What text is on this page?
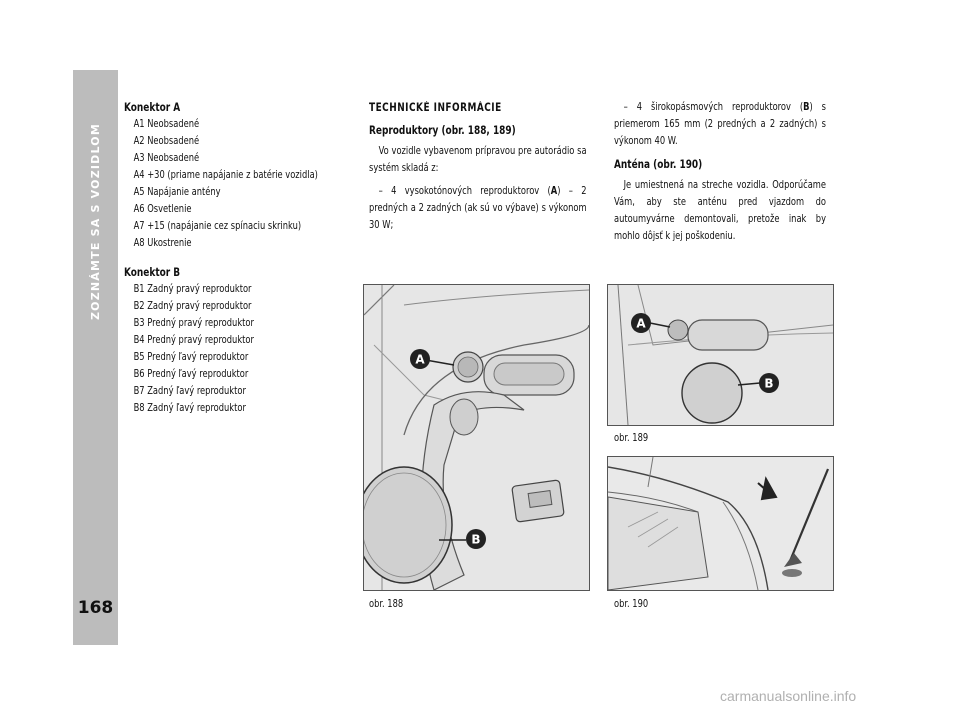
ZOZNÁMTE SA S VOZIDLOM
168
Konektor A
A1 Neobsadené
A2 Neobsadené
A3 Neobsadené
A4 +30 (priame napájanie z batérie vozidla)
A5 Napájanie antény
A6 Osvetlenie
A7 +15 (napájanie cez spínaciu skrinku)
A8 Ukostrenie
Konektor B
B1 Zadný pravý reproduktor
B2 Zadný pravý reproduktor
B3 Predný pravý reproduktor
B4 Predný pravý reproduktor
B5 Predný ľavý reproduktor
B6 Predný ľavý reproduktor
B7 Zadný ľavý reproduktor
B8 Zadný ľavý reproduktor
TECHNICKÉ INFORMÁCIE
Reproduktory (obr. 188, 189)

Vo vozidle vybavenom prípravou pre autorádio sa systém skladá z:

– 4 vysokotónových reproduktorov (A) – 2 predných a 2 zadných (ak sú vo výbave) s výkonom 30 W;

– 4 širokopásmových reproduktorov (B) s priemerom 165 mm (2 predných a 2 zadných) s výkonom 40 W.

Anténa (obr. 190)

Je umiestnená na streche vozidla. Odporúčame Vám, aby ste anténu pred vjazdom do autoumyvárne demontovali, pretože inak by mohlo dôjsť k jej poškodeniu.

A
B
obr. 188
A
B
obr. 189
obr. 190
carmanualsonline.info
